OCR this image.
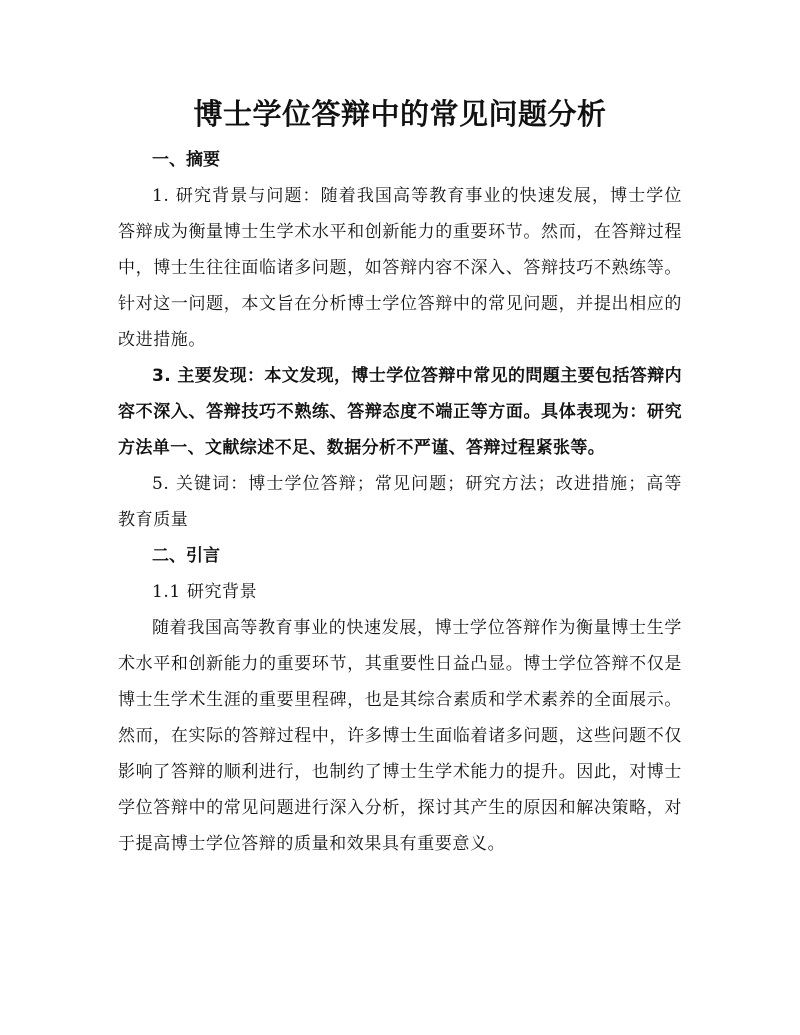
博士学位答辩中的常见问题分析

一、摘要

1. 研究背景与问题：随着我国高等教育事业的快速发展，博士学位答辩成为衡量博士生学术水平和创新能力的重要环节。然而，在答辩过程中，博士生往往面临诸多问题，如答辩内容不深入、答辩技巧不熟练等。针对这一问题，本文旨在分析博士学位答辩中的常见问题，并提出相应的改进措施。

3. 主要发现：本文发现，博士学位答辩中常见的問題主要包括答辩内容不深入、答辩技巧不熟练、答辩态度不端正等方面。具体表现为：研究方法单一、文献综述不足、数据分析不严谨、答辩过程紧张等。

5. 关键词：博士学位答辩；常见问题；研究方法；改进措施；高等教育质量

二、引言

1.1 研究背景

随着我国高等教育事业的快速发展，博士学位答辩作为衡量博士生学术水平和创新能力的重要环节，其重要性日益凸显。博士学位答辩不仅是博士生学术生涯的重要里程碑，也是其综合素质和学术素养的全面展示。然而，在实际的答辩过程中，许多博士生面临着诸多问题，这些问题不仅影响了答辩的顺利进行，也制约了博士生学术能力的提升。因此，对博士学位答辩中的常见问题进行深入分析，探讨其产生的原因和解决策略，对于提高博士学位答辩的质量和效果具有重要意义。
